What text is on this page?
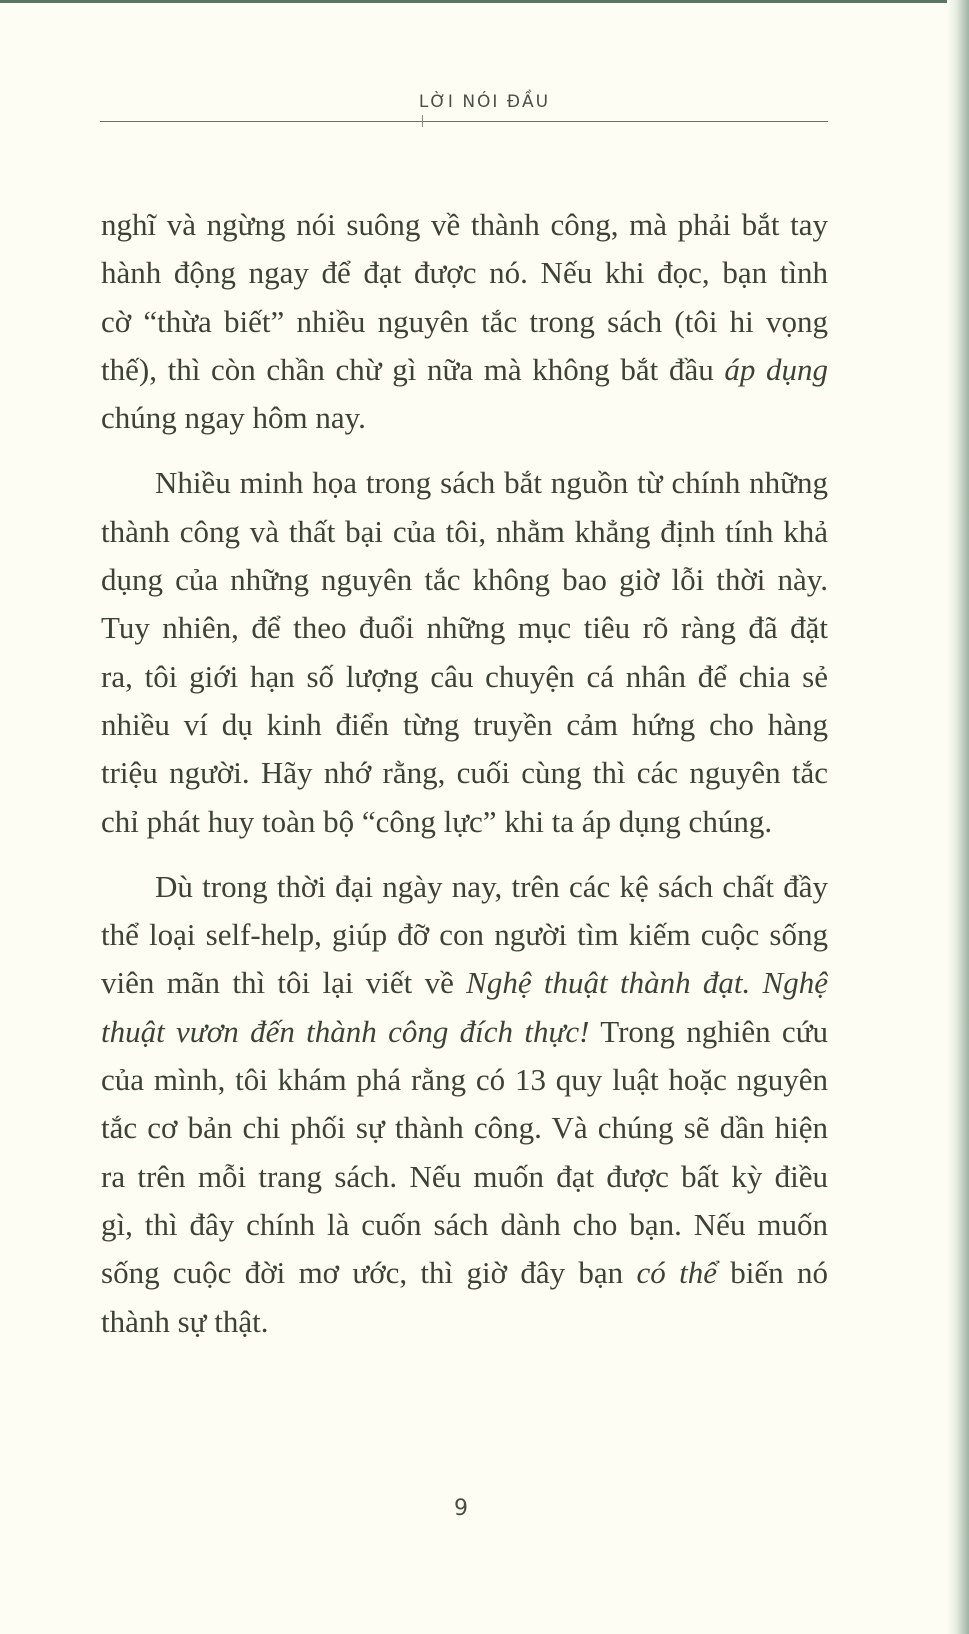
LỜI NÓI ĐẦU
nghĩ và ngừng nói suông về thành công, mà phải bắt tay
hành động ngay để đạt được nó. Nếu khi đọc, bạn tình
cờ “thừa biết” nhiều nguyên tắc trong sách (tôi hi vọng
thế), thì còn chần chừ gì nữa mà không bắt đầu áp dụng
chúng ngay hôm nay.
Nhiều minh họa trong sách bắt nguồn từ chính những
thành công và thất bại của tôi, nhằm khẳng định tính khả
dụng của những nguyên tắc không bao giờ lỗi thời này.
Tuy nhiên, để theo đuổi những mục tiêu rõ ràng đã đặt
ra, tôi giới hạn số lượng câu chuyện cá nhân để chia sẻ
nhiều ví dụ kinh điển từng truyền cảm hứng cho hàng
triệu người. Hãy nhớ rằng, cuối cùng thì các nguyên tắc
chỉ phát huy toàn bộ “công lực” khi ta áp dụng chúng.
Dù trong thời đại ngày nay, trên các kệ sách chất đầy
thể loại self-help, giúp đỡ con người tìm kiếm cuộc sống
viên mãn thì tôi lại viết về Nghệ thuật thành đạt. Nghệ
thuật vươn đến thành công đích thực! Trong nghiên cứu
của mình, tôi khám phá rằng có 13 quy luật hoặc nguyên
tắc cơ bản chi phối sự thành công. Và chúng sẽ dần hiện
ra trên mỗi trang sách. Nếu muốn đạt được bất kỳ điều
gì, thì đây chính là cuốn sách dành cho bạn. Nếu muốn
sống cuộc đời mơ ước, thì giờ đây bạn có thể biến nó
thành sự thật.
9
